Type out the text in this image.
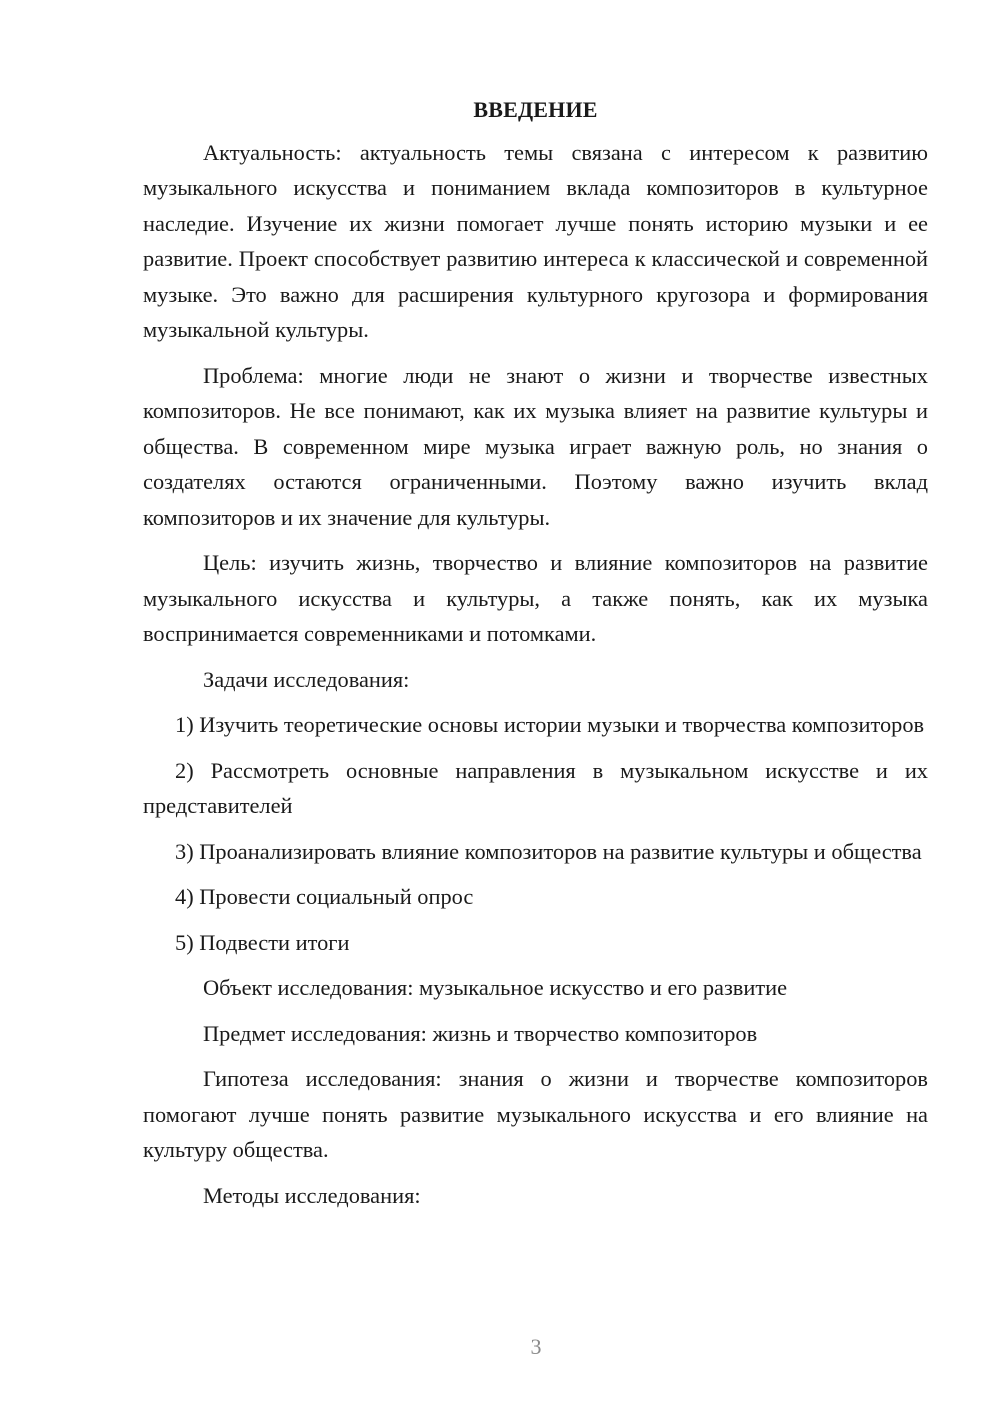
ВВЕДЕНИЕ

Актуальность: актуальность темы связана с интересом к развитию музыкального искусства и пониманием вклада композиторов в культурное наследие. Изучение их жизни помогает лучше понять историю музыки и ее развитие. Проект способствует развитию интереса к классической и современной музыке. Это важно для расширения культурного кругозора и формирования музыкальной культуры.

Проблема: многие люди не знают о жизни и творчестве известных композиторов. Не все понимают, как их музыка влияет на развитие культуры и общества. В современном мире музыка играет важную роль, но знания о создателях остаются ограниченными. Поэтому важно изучить вклад композиторов и их значение для культуры.

Цель: изучить жизнь, творчество и влияние композиторов на развитие музыкального искусства и культуры, а также понять, как их музыка воспринимается современниками и потомками.

Задачи исследования:

1) Изучить теоретические основы истории музыки и творчества композиторов

2) Рассмотреть основные направления в музыкальном искусстве и их представителей

3) Проанализировать влияние композиторов на развитие культуры и общества

4) Провести социальный опрос

5) Подвести итоги

Объект исследования: музыкальное искусство и его развитие

Предмет исследования: жизнь и творчество композиторов

Гипотеза исследования: знания о жизни и творчестве композиторов помогают лучше понять развитие музыкального искусства и его влияние на культуру общества.

Методы исследования:

3
